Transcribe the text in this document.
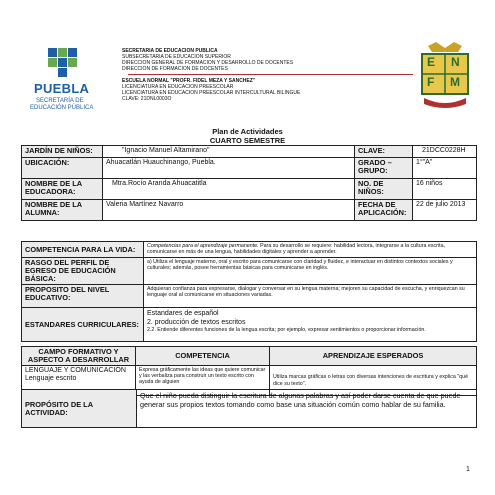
PUEBLA
SECRETARÍA DE
EDUCACIÓN PÚBLICA
SECRETARÍA DE EDUCACIÓN PÚBLICA
SUBSECRETARÍA DE EDUCACIÓN SUPERIOR
DIRECCIÓN GENERAL DE FORMACIÓN Y DESARROLLO DE DOCENTES
DIRECCIÓN DE FORMACIÓN DE DOCENTES
ESCUELA NORMAL "PROFR. FIDEL MEZA Y SÁNCHEZ"
LICENCIATURA EN EDUCACIÓN PREESCOLAR
LICENCIATURA EN EDUCACIÓN PREESCOLAR INTERCULTURAL BILINGÜE
CLAVE: 21DNL0003O
E N
F M
Plan de Actividades
CUARTO SEMESTRE
JARDÍN DE NIÑOS:	"Ignacio Manuel Altamirano"	CLAVE:	21DCC0228H
UBICACIÓN:	Ahuacatlán Huauchinango, Puebla.	GRADO – GRUPO:	1°"A"
NOMBRE DE LA EDUCADORA:	Mtra.Rocío Aranda Ahuacatitla	NO. DE NIÑOS:	16 niños
NOMBRE DE LA ALUMNA:	Valeria Martínez Navarro	FECHA DE APLICACIÓN:	22 de julio 2013
COMPETENCIA PARA LA VIDA:	Competencias para el aprendizaje permanente. Para su desarrollo se requiere: habilidad lectora, integrarse a la cultura escrita, comunicarse en más de una lengua, habilidades digitales y aprender a aprender.
RASGO DEL PERFIL DE EGRESO DE EDUCACIÓN BÁSICA:	a) Utiliza el lenguaje materno, oral y escrito para comunicarse con claridad y fluidez, e interactuar en distintos contextos sociales y culturales; además, posee herramientas básicas para comunicarse en inglés.
PROPOSITO DEL NIVEL EDUCATIVO:	Adquieran confianza para expresarse, dialogar y conversar en su lengua materna; mejoren su capacidad de escucha, y enriquezcan su lenguaje oral al comunicarse en situaciones variadas.
ESTANDARES CURRICULARES:	Estandares de español
2. producción de textos escritos
2.2. Entiende diferentes funciones de la lengua escrita; por ejemplo, expresar sentimientos o proporcionar información.
CAMPO FORMATIVO Y ASPECTO A DESARROLLAR	COMPETENCIA	APRENDIZAJE ESPERADOS

LENGUAJE Y COMUNICACIÓN
Lenguaje escrito	Expresa gráficamente las ideas que quiere comunicar y las verbaliza para construir un texto escrito con ayuda de alguien	Utiliza marcas gráficas o letras con diversas intenciones de escritura y explica "qué dice su texto".
PROPÓSITO DE LA ACTIVIDAD:	Que el niño pueda distinguir la escritura de algunas palabras y así poder darse cuenta de que puede generar sus propios textos tomando como base una situación común como hablar de su familia.
1
